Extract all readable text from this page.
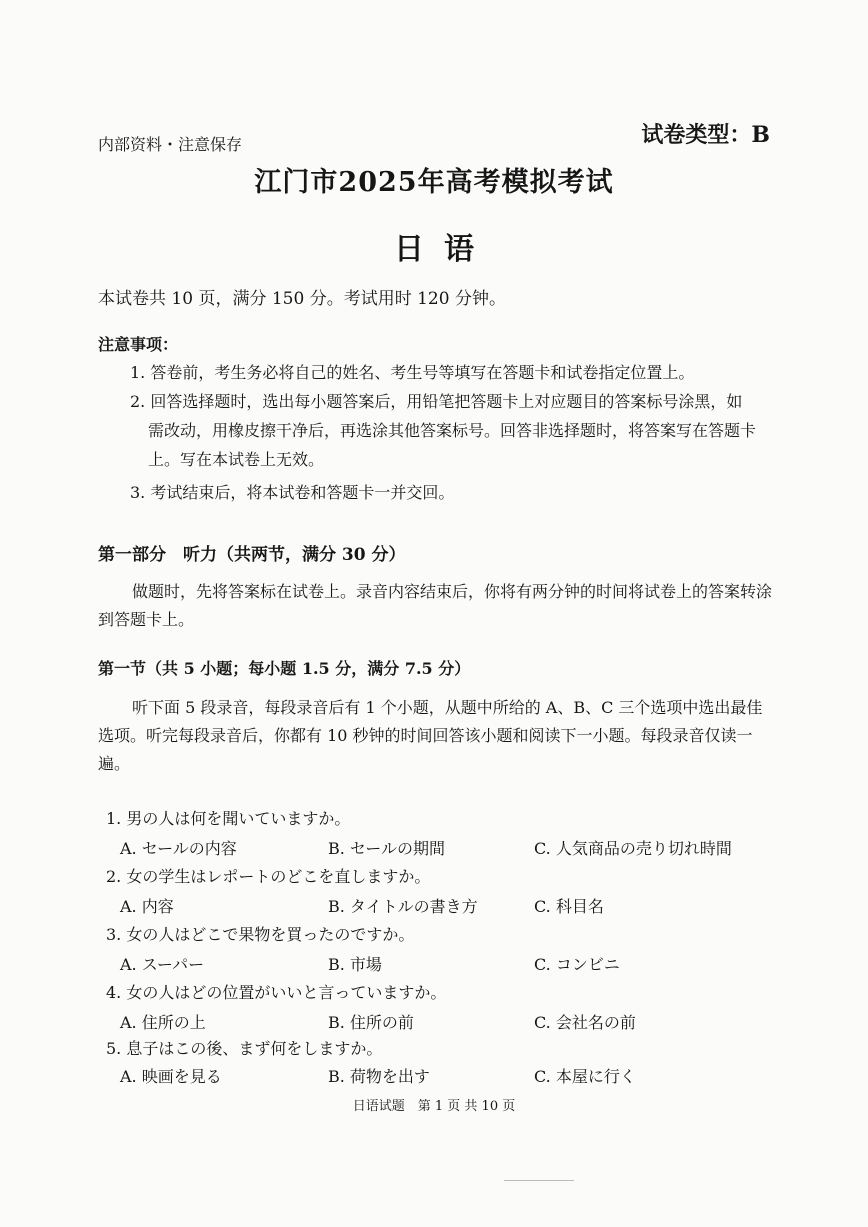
内部资料・注意保存	试卷类型：B
江门市2025年高考模拟考试
日语
本试卷共 10 页，满分 150 分。考试用时 120 分钟。
注意事项：
1. 答卷前，考生务必将自己的姓名、考生号等填写在答题卡和试卷指定位置上。
2. 回答选择题时，选出每小题答案后，用铅笔把答题卡上对应题目的答案标号涂黑，如
需改动，用橡皮擦干净后，再选涂其他答案标号。回答非选择题时，将答案写在答题卡
上。写在本试卷上无效。
3. 考试结束后，将本试卷和答题卡一并交回。
第一部分　听力（共两节，满分 30 分）
做题时，先将答案标在试卷上。录音内容结束后，你将有两分钟的时间将试卷上的答案转涂到答题卡上。
第一节（共 5 小题；每小题 1.5 分，满分 7.5 分）
听下面 5 段录音，每段录音后有 1 个小题，从题中所给的 A、B、C 三个选项中选出最佳选项。听完每段录音后，你都有 10 秒钟的时间回答该小题和阅读下一小题。每段录音仅读一遍。
1. 男の人は何を聞いていますか。
A. セールの内容	B. セールの期間	C. 人気商品の売り切れ時間
2. 女の学生はレポートのどこを直しますか。
A. 内容	B. タイトルの書き方	C. 科目名
3. 女の人はどこで果物を買ったのですか。
A. スーパー	B. 市場	C. コンビニ
4. 女の人はどの位置がいいと言っていますか。
A. 住所の上	B. 住所の前	C. 会社名の前
5. 息子はこの後、まず何をしますか。
A. 映画を見る	B. 荷物を出す	C. 本屋に行く
日语试题　第 1 页 共 10 页
